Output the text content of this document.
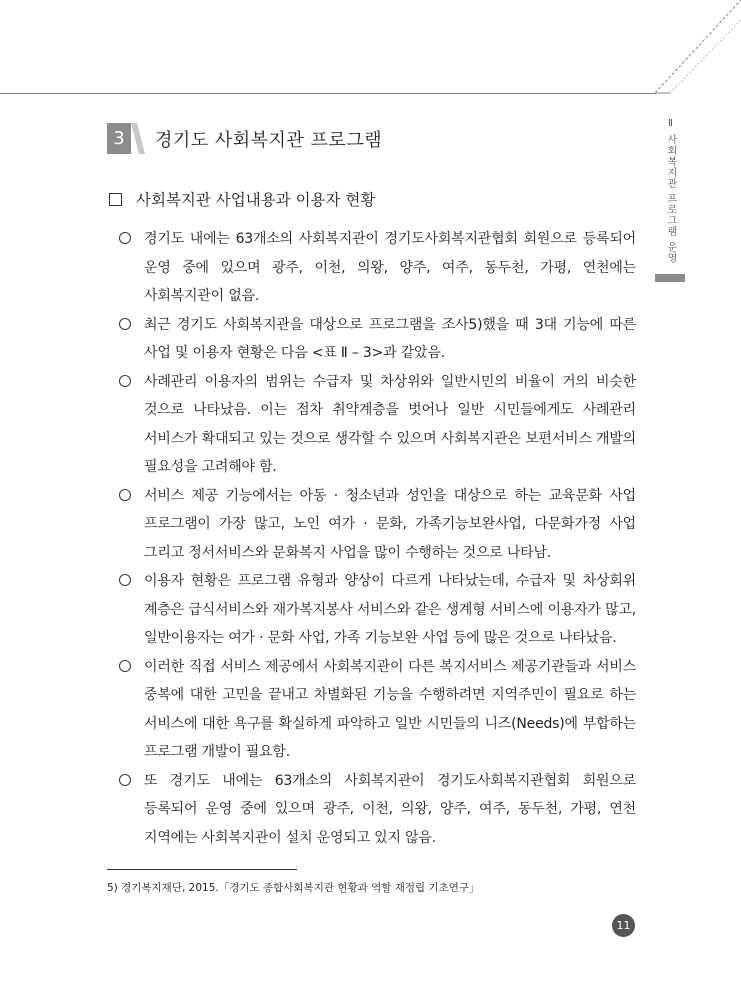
3	경기도 사회복지관 프로그램	Ⅱ 사회복지관 프로그램 운영
사회복지관 사업내용과 이용자 현황
경기도 내에는 63개소의 사회복지관이 경기도사회복지관협회 회원으로 등록되어 운영 중에 있으며 광주, 이천, 의왕, 양주, 여주, 동두천, 가평, 연천에는 사회복지관이 없음.
최근 경기도 사회복지관을 대상으로 프로그램을 조사5)했을 때 3대 기능에 따른 사업 및 이용자 현황은 다음 <표 Ⅱ – 3>과 같았음.
사례관리 이용자의 범위는 수급자 및 차상위와 일반시민의 비율이 거의 비슷한 것으로 나타났음. 이는 점차 취약계층을 벗어나 일반 시민들에게도 사례관리 서비스가 확대되고 있는 것으로 생각할 수 있으며 사회복지관은 보편서비스 개발의 필요성을 고려해야 함.
서비스 제공 기능에서는 아동 · 청소년과 성인을 대상으로 하는 교육문화 사업 프로그램이 가장 많고, 노인 여가 · 문화, 가족기능보완사업, 다문화가정 사업 그리고 정서서비스와 문화복지 사업을 많이 수행하는 것으로 나타남.
이용자 현황은 프로그램 유형과 양상이 다르게 나타났는데, 수급자 및 차상회위 계층은 급식서비스와 재가복지봉사 서비스와 같은 생계형 서비스에 이용자가 많고, 일반이용자는 여가 · 문화 사업, 가족 기능보완 사업 등에 많은 것으로 나타났음.
이러한 직접 서비스 제공에서 사회복지관이 다른 복지서비스 제공기관들과 서비스 중복에 대한 고민을 끝내고 차별화된 기능을 수행하려면 지역주민이 필요로 하는 서비스에 대한 욕구를 확실하게 파악하고 일반 시민들의 니즈(Needs)에 부합하는 프로그램 개발이 필요함.
또 경기도 내에는 63개소의 사회복지관이 경기도사회복지관협회 회원으로 등록되어 운영 중에 있으며 광주, 이천, 의왕, 양주, 여주, 동두천, 가평, 연천 지역에는 사회복지관이 설치 운영되고 있지 않음.
5) 경기복지재단, 2015.「경기도 종합사회복지관 현황과 역할 재정립 기초연구」
11
